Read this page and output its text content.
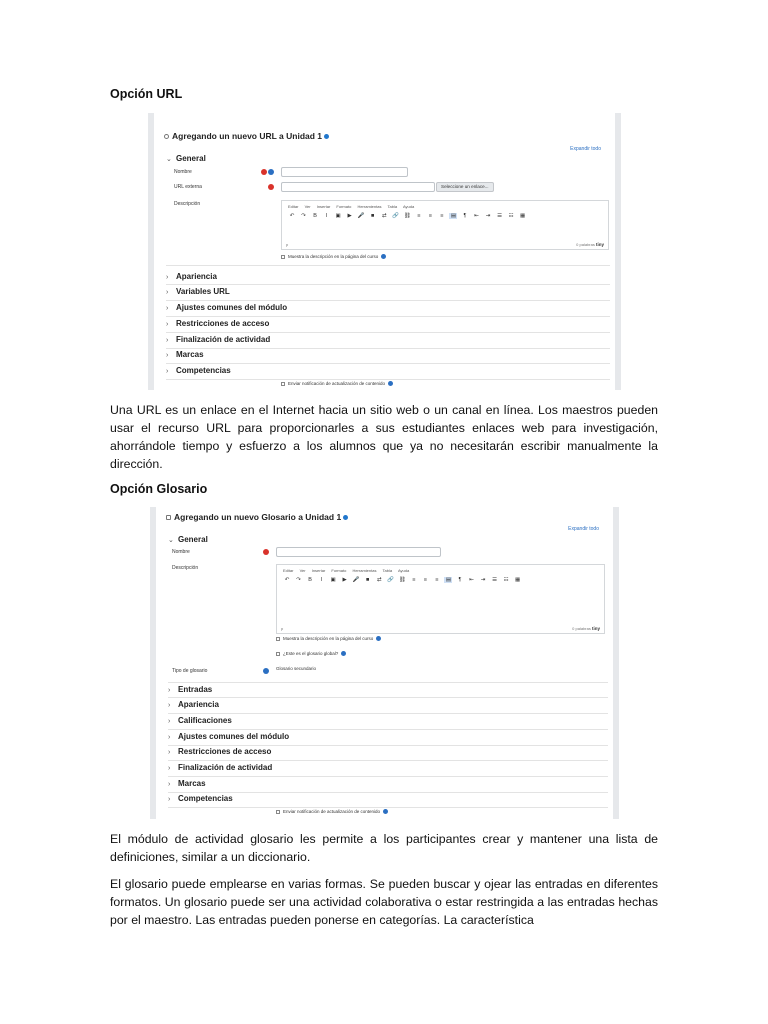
Opción URL
Agregando un nuevo URL a Unidad 1
Expandir todo
⌄ General
Nombre
URL externa	Seleccione un enlace...
Descripción	Editar Ver Insertar Formato Herramientas Tabla Ayuda
↶ ↷ B I ▣ ▶ 🎤 ■ ⇄ 🔗 ⛓ ≡ ≡ ≡ ▤ ¶ ⇤ ⇥ ☰ ☷ ▦
p	0 palabras tiny
Muestra la descripción en la página del curso
› Apariencia
› Variables URL
› Ajustes comunes del módulo
› Restricciones de acceso
› Finalización de actividad
› Marcas
› Competencias
Enviar notificación de actualización de contenido
Una URL es un enlace en el Internet hacia un sitio web o un canal en línea. Los maestros pueden usar el recurso URL para proporcionarles a sus estudiantes enlaces web para investigación, ahorrándole tiempo y esfuerzo a los alumnos que ya no necesitarán escribir manualmente la dirección.
Opción Glosario
Agregando un nuevo Glosario a Unidad 1
Expandir todo
⌄ General
Nombre
Descripción	Editar Ver Insertar Formato Herramientas Tabla Ayuda
↶ ↷ B I ▣ ▶ 🎤 ■ ⇄ 🔗 ⛓ ≡ ≡ ≡ ▤ ¶ ⇤ ⇥ ☰ ☷ ▦
p	0 palabras tiny
Muestra la descripción en la página del curso
¿Este es el glosario global?
Tipo de glosario	Glosario secundario
› Entradas
› Apariencia
› Calificaciones
› Ajustes comunes del módulo
› Restricciones de acceso
› Finalización de actividad
› Marcas
› Competencias
Enviar notificación de actualización de contenido
El módulo de actividad glosario les permite a los participantes crear y mantener una lista de definiciones, similar a un diccionario.
El glosario puede emplearse en varias formas. Se pueden buscar y ojear las entradas en diferentes formatos. Un glosario puede ser una actividad colaborativa o estar restringida a las entradas hechas por el maestro. Las entradas pueden ponerse en categorías. La característica
